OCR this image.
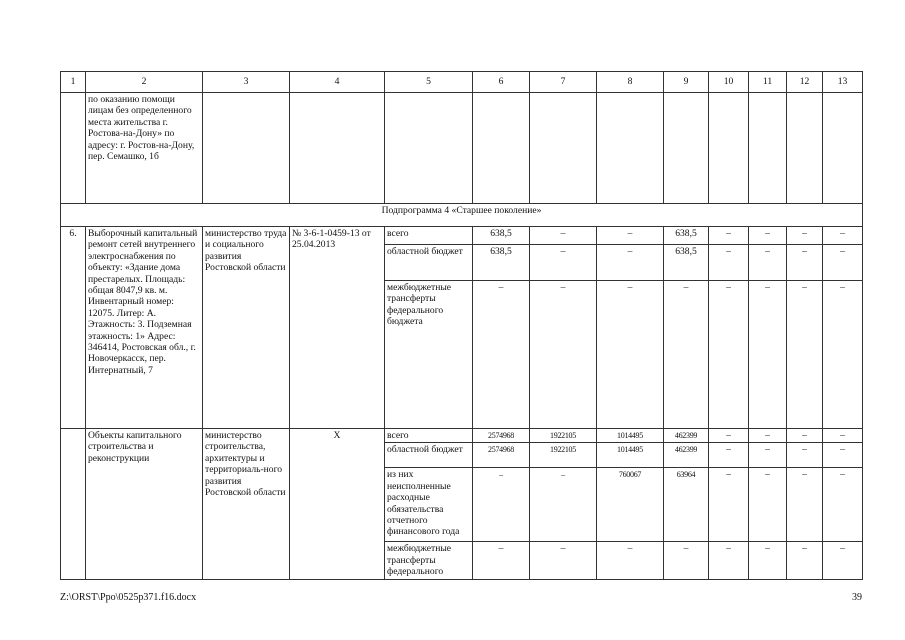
1	2	3	4	5	6	7	8	9	10	11	12	13
	по оказанию помощи лицам без определенного места жительства г. Ростова-на-Дону» по адресу: г. Ростов-на-Дону, пер. Семашко, 1б											
Подпрограмма 4 «Старшее поколение»												
6.	Выборочный капитальный ремонт сетей внутреннего электроснабжения по объекту: «Здание дома престарелых. Площадь: общая 8047,9 кв. м. Инвентарный номер: 12075. Литер: А. Этажность: 3. Подземная этажность: 1» Адрес: 346414, Ростовская обл., г. Новочеркасск, пер. Интернатный, 7	министерство труда и социального развития Ростовской области	№ 3-6-1-0459-13 от 25.04.2013	всего	638,5	–	–	638,5	–	–	–	–
				областной бюджет	638,5	–	–	638,5	–	–	–	–
				межбюджетные трансферты федерального бюджета	–	–	–	–	–	–	–	–
	Объекты капитального строительства и реконструкции	министерство строительства, архитектуры и территориаль-ного развития Ростовской области	Х	всего	2574968	1922105	1014495	462399	–	–	–	–
				областной бюджет	2574968	1922105	1014495	462399	–	–	–	–
				из них неисполненные расходные обязательства отчетного финансового года	–	–	760067	63964	–	–	–	–
				межбюджетные трансферты федерального	–	–	–	–	–	–	–	–
Z:\ORST\Ppo\0525p371.f16.docx	39
